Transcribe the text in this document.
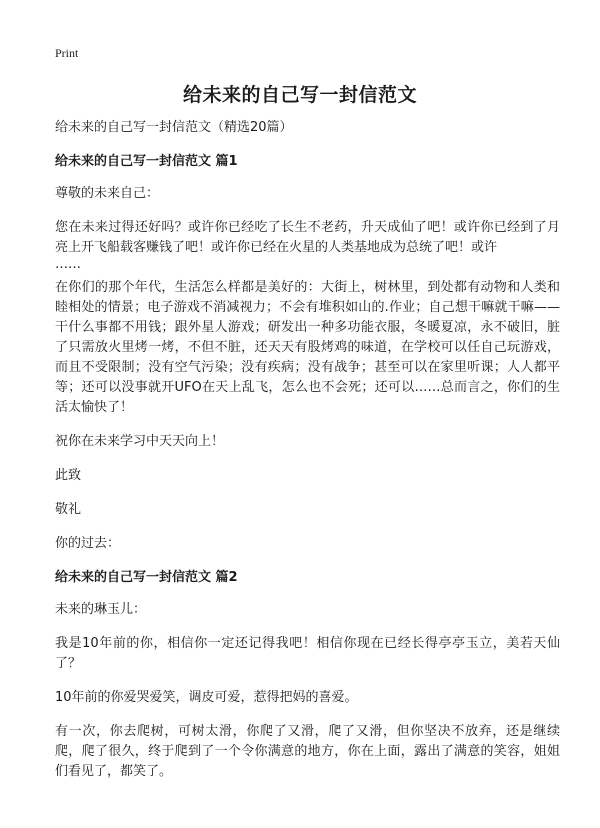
Print
给未来的自己写一封信范文

给未来的自己写一封信范文（精选20篇）

给未来的自己写一封信范文 篇1

尊敬的未来自己：

您在未来过得还好吗？或许你已经吃了长生不老药，升天成仙了吧！或许你已经到了月亮上开飞船载客赚钱了吧！或许你已经在火星的人类基地成为总统了吧！或许

……

在你们的那个年代，生活怎么样都是美好的：大街上，树林里，到处都有动物和人类和睦相处的情景；电子游戏不消减视力；不会有堆积如山的.作业；自己想干嘛就干嘛——干什么事都不用钱；跟外星人游戏；研发出一种多功能衣服，冬暖夏凉，永不破旧，脏了只需放火里烤一烤，不但不脏，还天天有股烤鸡的味道，在学校可以任自己玩游戏，而且不受限制；没有空气污染；没有疾病；没有战争；甚至可以在家里听课；人人都平等；还可以没事就开UFO在天上乱飞，怎么也不会死；还可以……总而言之，你们的生活太愉快了！

祝你在未来学习中天天向上！

此致

敬礼

你的过去：

给未来的自己写一封信范文 篇2

未来的琳玉儿：

我是10年前的你，相信你一定还记得我吧！相信你现在已经长得亭亭玉立，美若天仙了？

10年前的你爱哭爱笑，调皮可爱，惹得把妈的喜爱。

有一次，你去爬树，可树太滑，你爬了又滑，爬了又滑，但你坚决不放弃，还是继续爬，爬了很久，终于爬到了一个令你满意的地方，你在上面，露出了满意的笑容，姐姐们看见了，都笑了。
